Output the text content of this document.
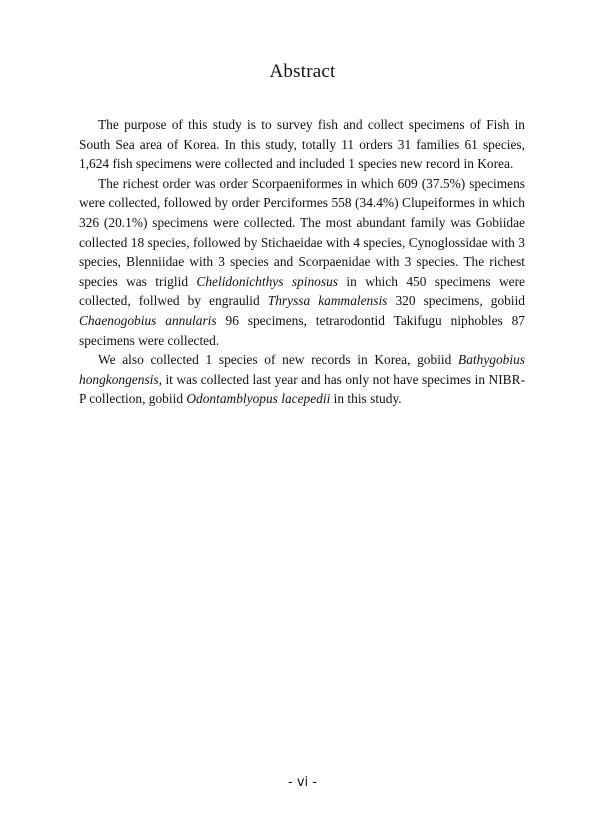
Abstract

The purpose of this study is to survey fish and collect specimens of Fish in South Sea area of Korea. In this study, totally 11 orders 31 families 61 species, 1,624 fish specimens were collected and included 1 species new record in Korea.

The richest order was order Scorpaeniformes in which 609 (37.5%) specimens were collected, followed by order Perciformes 558 (34.4%) Clupeiformes in which 326 (20.1%) specimens were collected. The most abundant family was Gobiidae collected 18 species, followed by Stichaeidae with 4 species, Cynoglossidae with 3 species, Blenniidae with 3 species and Scorpaenidae with 3 species. The richest species was triglid Chelidonichthys spinosus in which 450 specimens were collected, follwed by engraulid Thryssa kammalensis 320 specimens, gobiid Chaenogobius annularis 96 specimens, tetrarodontid Takifugu niphobles 87 specimens were collected.

We also collected 1 species of new records in Korea, gobiid Bathygobius hongkongensis, it was collected last year and has only not have specimes in NIBR-P collection, gobiid Odontamblyopus lacepedii in this study.

- vi -
